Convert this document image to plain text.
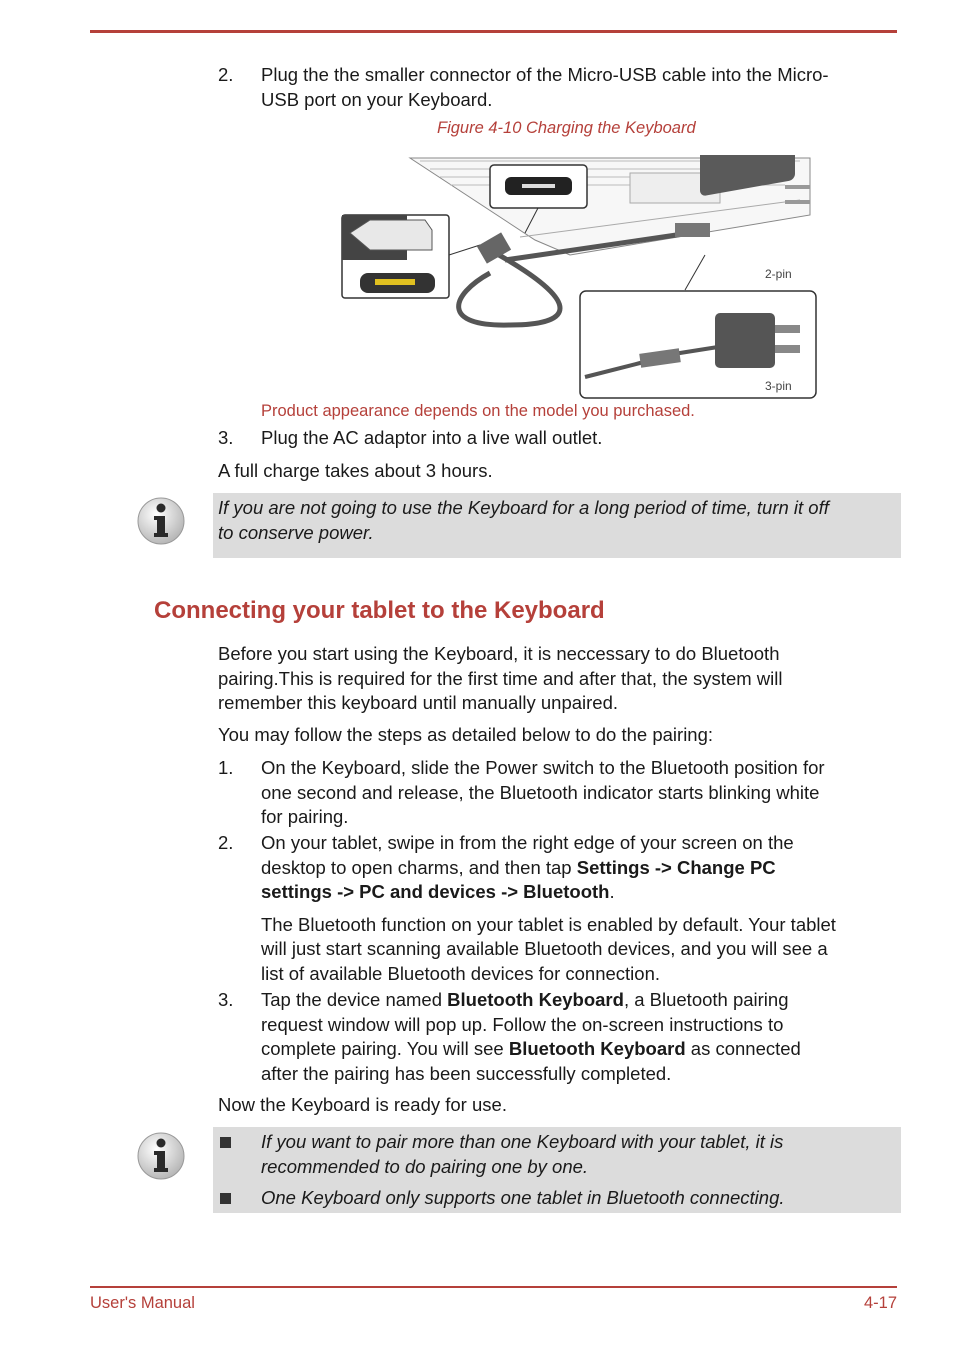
2.	Plug the the smaller connector of the Micro-USB cable into the Micro-
USB port on your Keyboard.
Figure 4-10 Charging the Keyboard
2-pin
3-pin
Product appearance depends on the model you purchased.
3.	Plug the AC adaptor into a live wall outlet.
A full charge takes about 3 hours.
If you are not going to use the Keyboard for a long period of time, turn it off
to conserve power.
Connecting your tablet to the Keyboard
Before you start using the Keyboard, it is neccessary to do Bluetooth
pairing.This is required for the first time and after that, the system will
remember this keyboard until manually unpaired.
You may follow the steps as detailed below to do the pairing:
1.	On the Keyboard, slide the Power switch to the Bluetooth position for
one second and release, the Bluetooth indicator starts blinking white
for pairing.
2.	On your tablet, swipe in from the right edge of your screen on the
desktop to open charms, and then tap Settings -> Change PC
settings -> PC and devices -> Bluetooth.
The Bluetooth function on your tablet is enabled by default. Your tablet
will just start scanning available Bluetooth devices, and you will see a
list of available Bluetooth devices for connection.
3.	Tap the device named Bluetooth Keyboard, a Bluetooth pairing
request window will pop up. Follow the on-screen instructions to
complete pairing. You will see Bluetooth Keyboard as connected
after the pairing has been successfully completed.
Now the Keyboard is ready for use.
If you want to pair more than one Keyboard with your tablet, it is
recommended to do pairing one by one.
One Keyboard only supports one tablet in Bluetooth connecting.
User's Manual	4-17
